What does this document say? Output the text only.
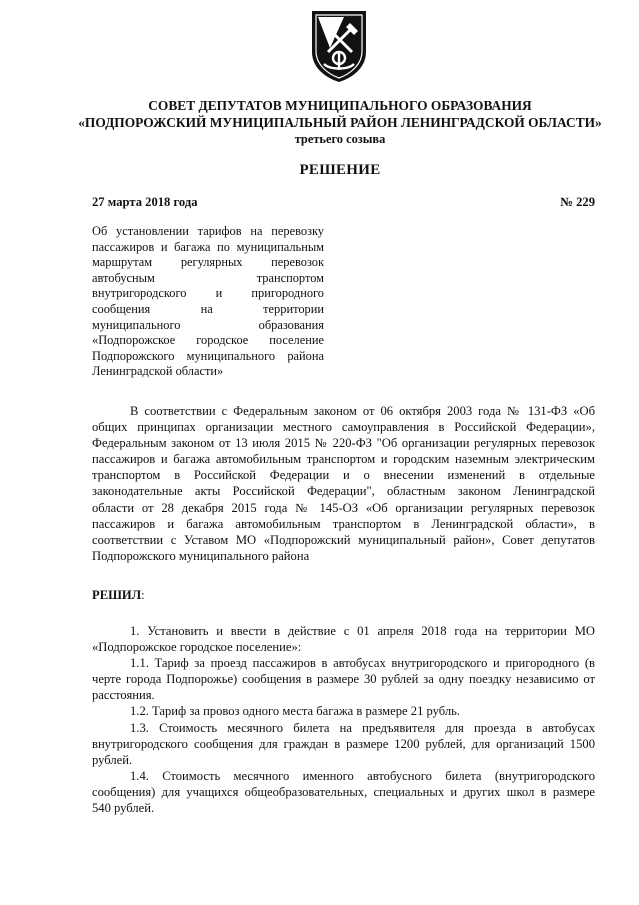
СОВЕТ ДЕПУТАТОВ МУНИЦИПАЛЬНОГО ОБРАЗОВАНИЯ
«ПОДПОРОЖСКИЙ МУНИЦИПАЛЬНЫЙ РАЙОН ЛЕНИНГРАДСКОЙ ОБЛАСТИ»
третьего созыва
РЕШЕНИЕ
27 марта 2018 года	№ 229
Об установлении тарифов на перевозку
пассажиров и багажа по муниципальным
маршрутам регулярных перевозок
автобусным транспортом
внутригородского и пригородного
сообщения на территории
муниципального образования
«Подпорожское городское поселение
Подпорожского муниципального района
Ленинградской области»
В соответствии с Федеральным законом от 06 октября 2003 года № 131-ФЗ «Об
общих принципах организации местного самоуправления в Российской Федерации»,
Федеральным законом от 13 июля 2015 № 220-ФЗ "Об организации регулярных перевозок
пассажиров и багажа автомобильным транспортом и городским наземным электрическим
транспортом в Российской Федерации и о внесении изменений в отдельные
законодательные акты Российской Федерации", областным законом Ленинградской
области от 28 декабря 2015 года № 145-ОЗ «Об организации регулярных перевозок
пассажиров и багажа автомобильным транспортом в Ленинградской области», в
соответствии с Уставом МО «Подпорожский муниципальный район», Совет депутатов
Подпорожского муниципального района
РЕШИЛ:
1. Установить и ввести в действие с 01 апреля 2018 года на территории МО
«Подпорожское городское поселение»:
1.1. Тариф за проезд пассажиров в автобусах внутригородского и пригородного (в
черте города Подпорожье) сообщения в размере 30 рублей за одну поездку независимо от
расстояния.
1.2. Тариф за провоз одного места багажа в размере 21 рубль.
1.3. Стоимость месячного билета на предъявителя для проезда в автобусах
внутригородского сообщения для граждан в размере 1200 рублей, для организаций 1500
рублей.
1.4. Стоимость месячного именного автобусного билета (внутригородского
сообщения) для учащихся общеобразовательных, специальных и других школ в размере
540 рублей.
